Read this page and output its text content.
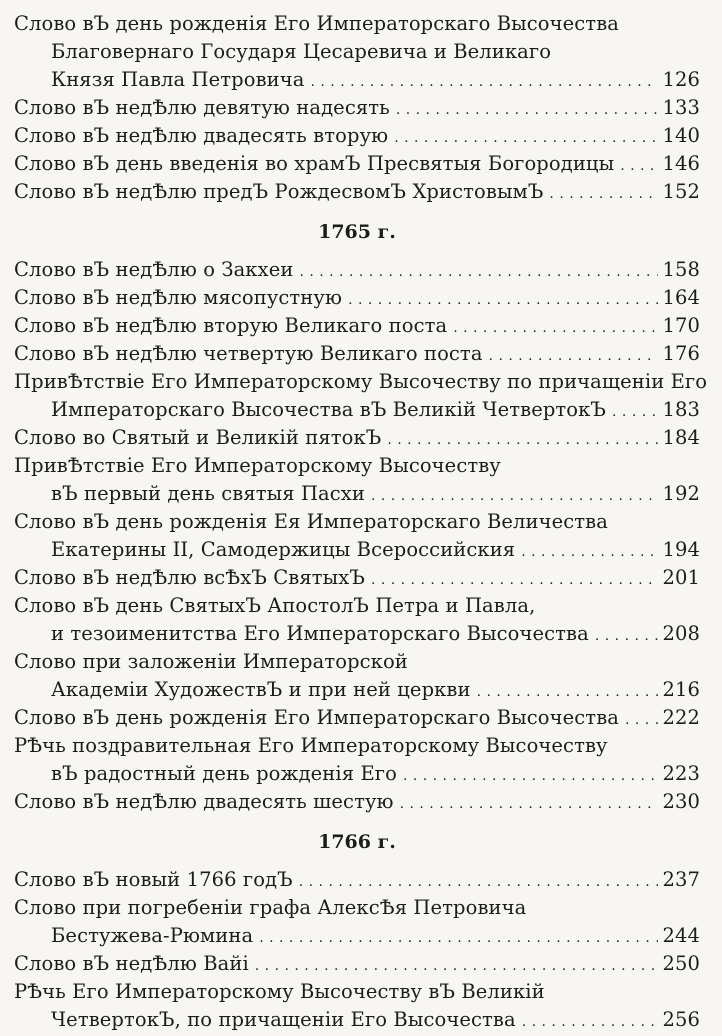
Слово вЪ день рожденія Его Императорскаго Высочества
Благовернаго Государя Цесаревича и Великаго
Князя Павла Петровича . . .	126
Слово вЪ недѢлю девятую надесять . . .	133
Слово вЪ недѢлю двадесять вторую . . .	140
Слово вЪ день введенія во храмЪ Пресвятыя Богородицы . . . 146
Слово вЪ недѢлю предЪ РождесвомЪ ХристовымЪ . . .	152
1765 г.
Слово вЪ недѢлю о Закхеи . . .	158
Слово вЪ недѢлю мясопустную . . .	164
Слово вЪ недѢлю вторую Великаго поста . . .	170
Слово вЪ недѢлю четвертую Великаго поста . . .	176
ПривѢтствіе Его Императорскому Высочеству по причащеніи Его
Императорскаго Высочества вЪ Великій ЧетвертокЪ . . .	183
Слово во Святый и Великій пятокЪ . . .	184
ПривѢтствіе Его Императорскому Высочеству
вЪ первый день святыя Пасхи . . .	192
Слово вЪ день рожденія Ея Императорскаго Величества
Екатерины II, Самодержицы Всероссийския . . .	194
Слово вЪ недѢлю всѢхЪ СвятыхЪ . . .	201
Слово вЪ день СвятыхЪ АпостолЪ Петра и Павла,
и тезоименитства Его Императорскаго Высочества . . .	208
Слово при заложеніи Императорской
Академіи ХудожествЪ и при ней церкви . . .	216
Слово вЪ день рожденія Его Императорскаго Высочества . . . 222
РѢчь поздравительная Его Императорскому Высочеству
вЪ радостный день рожденія Его . . .	223
Слово вЪ недѢлю двадесять шестую . . .	230
1766 г.
Слово вЪ новый 1766 годЪ . . .	237
Слово при погребеніи графа АлексѢя Петровича
Бестужева-Рюмина . . .	244
Слово вЪ недѢлю Вайі . . .	250
РѢчь Его Императорскому Высочеству вЪ Великій
ЧетвертокЪ, по причащеніи Его Высочества . . .	256
